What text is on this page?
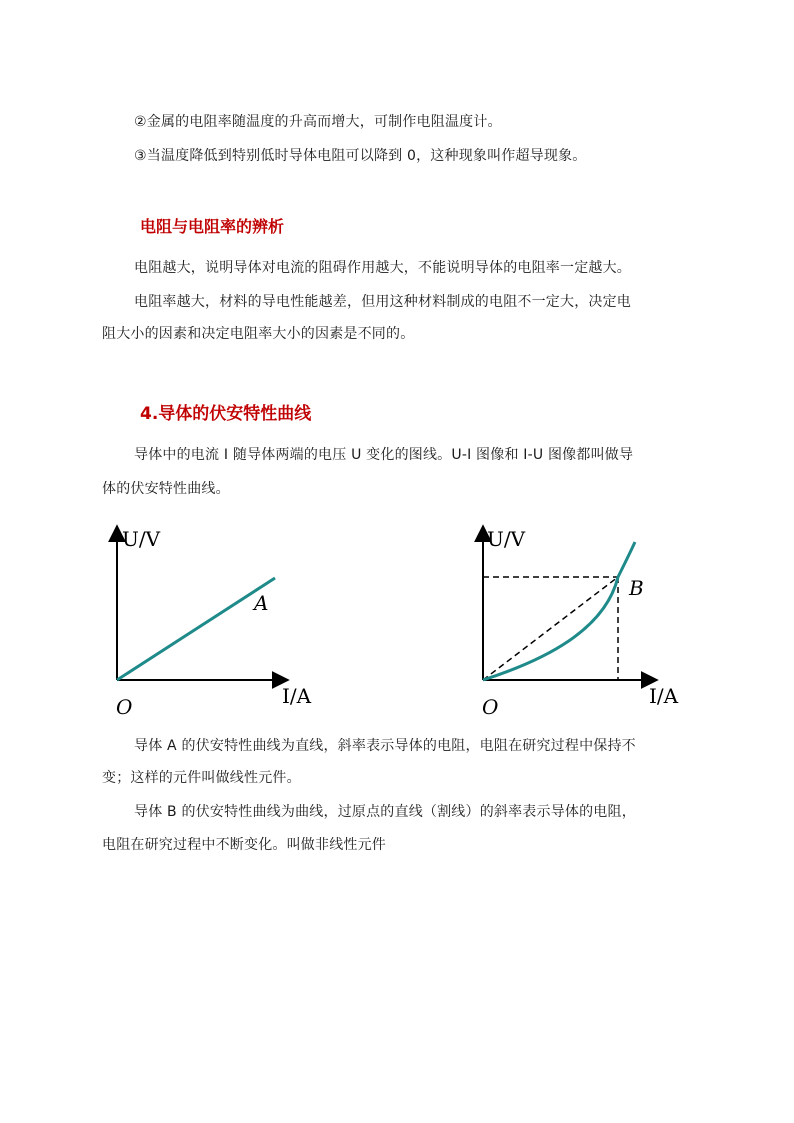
②金属的电阻率随温度的升高而增大，可制作电阻温度计。
③当温度降低到特别低时导体电阻可以降到 0，这种现象叫作超导现象。
电阻与电阻率的辨析
电阻越大，说明导体对电流的阻碍作用越大，不能说明导体的电阻率一定越大。
电阻率越大，材料的导电性能越差，但用这种材料制成的电阻不一定大，决定电
阻大小的因素和决定电阻率大小的因素是不同的。
4.导体的伏安特性曲线
导体中的电流 I 随导体两端的电压 U 变化的图线。U-I 图像和 I-U 图像都叫做导
体的伏安特性曲线。
U/V
I/A
O
A
U/V
I/A
O
B
导体 A 的伏安特性曲线为直线，斜率表示导体的电阻，电阻在研究过程中保持不
变；这样的元件叫做线性元件。
导体 B 的伏安特性曲线为曲线，过原点的直线（割线）的斜率表示导体的电阻，
电阻在研究过程中不断变化。叫做非线性元件
